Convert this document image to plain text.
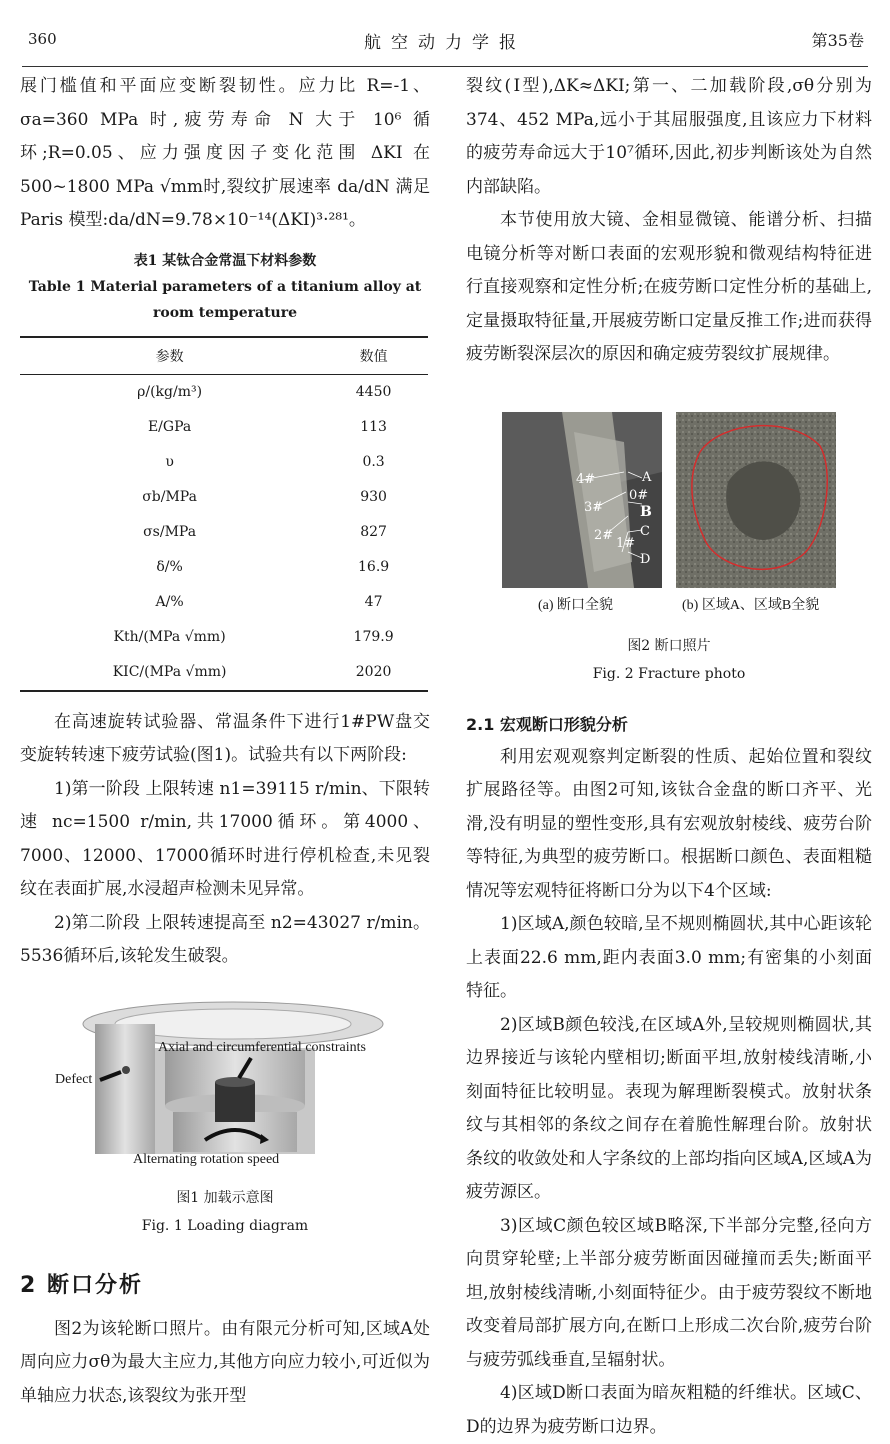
360	航空动力学报	第35卷

展门槛值和平面应变断裂韧性。应力比 R=-1、σa=360 MPa 时,疲劳寿命 N 大于 10⁶ 循环;R=0.05、应力强度因子变化范围 ΔKI 在 500~1800 MPa √mm时,裂纹扩展速率 da/dN 满足 Paris 模型:da/dN=9.78×10⁻¹⁴(ΔKI)³·²⁸¹。

表1 某钛合金常温下材料参数
Table 1 Material parameters of a titanium alloy at room temperature
参数	数值
ρ/(kg/m³)	4450
E/GPa	113
υ	0.3
σb/MPa	930
σs/MPa	827
δ/%	16.9
A/%	47
Kth/(MPa √mm)	179.9
KIC/(MPa √mm)	2020

在高速旋转试验器、常温条件下进行1#PW盘交变旋转转速下疲劳试验(图1)。试验共有以下两阶段:

1)第一阶段 上限转速 n1=39115 r/min、下限转速 nc=1500 r/min,共17000循环。第4000、7000、12000、17000循环时进行停机检查,未见裂纹在表面扩展,水浸超声检测未见异常。

2)第二阶段 上限转速提高至 n2=43027 r/min。5536循环后,该轮发生破裂。

Axial and circumferential constraints
Defect
Alternating rotation speed
图1 加载示意图
Fig. 1 Loading diagram
2 断口分析

图2为该轮断口照片。由有限元分析可知,区域A处周向应力σθ为最大主应力,其他方向应力较小,可近似为单轴应力状态,该裂纹为张开型

裂纹(Ⅰ型),ΔK≈ΔKI;第一、二加载阶段,σθ分别为374、452 MPa,远小于其屈服强度,且该应力下材料的疲劳寿命远大于10⁷循环,因此,初步判断该处为自然内部缺陷。

本节使用放大镜、金相显微镜、能谱分析、扫描电镜分析等对断口表面的宏观形貌和微观结构特征进行直接观察和定性分析;在疲劳断口定性分析的基础上,定量摄取特征量,开展疲劳断口定量反推工作;进而获得疲劳断裂深层次的原因和确定疲劳裂纹扩展规律。

A
0#
B
C
D
1#
2#
3#
4#
(a) 断口全貌	(b) 区域A、区域B全貌
图2 断口照片
Fig. 2 Fracture photo
2.1 宏观断口形貌分析

利用宏观观察判定断裂的性质、起始位置和裂纹扩展路径等。由图2可知,该钛合金盘的断口齐平、光滑,没有明显的塑性变形,具有宏观放射棱线、疲劳台阶等特征,为典型的疲劳断口。根据断口颜色、表面粗糙情况等宏观特征将断口分为以下4个区域:

1)区域A,颜色较暗,呈不规则椭圆状,其中心距该轮上表面22.6 mm,距内表面3.0 mm;有密集的小刻面特征。

2)区域B颜色较浅,在区域A外,呈较规则椭圆状,其边界接近与该轮内壁相切;断面平坦,放射棱线清晰,小刻面特征比较明显。表现为解理断裂模式。放射状条纹与其相邻的条纹之间存在着脆性解理台阶。放射状条纹的收敛处和人字条纹的上部均指向区域A,区域A为疲劳源区。

3)区域C颜色较区域B略深,下半部分完整,径向方向贯穿轮壁;上半部分疲劳断面因碰撞而丢失;断面平坦,放射棱线清晰,小刻面特征少。由于疲劳裂纹不断地改变着局部扩展方向,在断口上形成二次台阶,疲劳台阶与疲劳弧线垂直,呈辐射状。

4)区域D断口表面为暗灰粗糙的纤维状。区域C、D的边界为疲劳断口边界。
